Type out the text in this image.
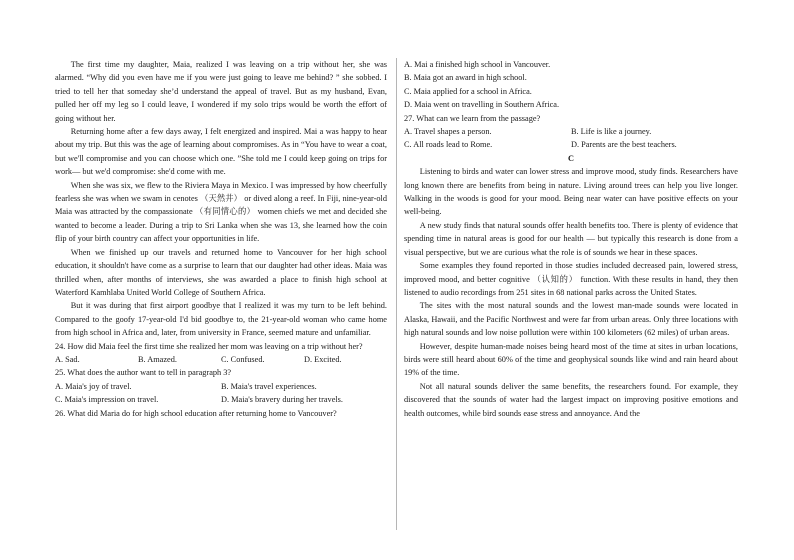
The first time my daughter, Maia, realized I was leaving on a trip without her, she was alarmed. “Why did you even have me if you were just going to leave me behind? ” she sobbed. I tried to tell her that someday she’d understand the appeal of travel. But as my husband, Evan, pulled her off my leg so I could leave, I wondered if my solo trips would be worth the effort of going without her.

Returning home after a few days away, I felt energized and inspired. Mai a was happy to hear about my trip. But this was the age of learning about compromises. As in “You have to wear a coat, but we'll compromise and you can choose which one. ”She told me I could keep going on trips for work— but we'd compromise: she'd come with me.

When she was six, we flew to the Riviera Maya in Mexico. I was impressed by how cheerfully fearless she was when we swam in cenotes （天然井） or dived along a reef. In Fiji, nine-year-old Maia was attracted by the compassionate （有同情心的） women chiefs we met and decided she wanted to become a leader. During a trip to Sri Lanka when she was 13, she learned how the coin flip of your birth country can affect your opportunities in life.

When we finished up our travels and returned home to Vancouver for her high school education, it shouldn't have come as a surprise to learn that our daughter had other ideas. Maia was thrilled when, after months of interviews, she was awarded a place to finish high school at Waterford Kamhlaba United World College of Southern Africa.

But it was during that first airport goodbye that I realized it was my turn to be left behind. Compared to the goofy 17-year-old I'd bid goodbye to, the 21-year-old woman who came home from high school in Africa and, later, from university in France, seemed mature and unfamiliar.

24. How did Maia feel the first time she realized her mom was leaving on a trip without her?

A. Sad.	B. Amazed.	C. Confused.	D. Excited.

25. What does the author want to tell in paragraph 3?

A. Maia's joy of travel.	B. Maia's travel experiences.
C. Maia's impression on travel.	D. Maia's bravery during her travels.

26. What did Maria do for high school education after returning home to Vancouver?

A. Mai a finished high school in Vancouver.

B. Maia got an award in high school.

C. Maia applied for a school in Africa.

D. Maia went on travelling in Southern Africa.

27. What can we learn from the passage?

A. Travel shapes a person.	B. Life is like a journey.
C. All roads lead to Rome.	D. Parents are the best teachers.

C

Listening to birds and water can lower stress and improve mood, study finds. Researchers have long known there are benefits from being in nature. Living around trees can help you live longer. Walking in the woods is good for your mood. Being near water can have positive effects on your well-being.

A new study finds that natural sounds offer health benefits too. There is plenty of evidence that spending time in natural areas is good for our health — but typically this research is done from a visual perspective, but we are curious what the role is of sounds we hear in these spaces.

Some examples they found reported in those studies included decreased pain, lowered stress, improved mood, and better cognitive （认知的） function. With these results in hand, they then listened to audio recordings from 251 sites in 68 national parks across the United States.

The sites with the most natural sounds and the lowest man-made sounds were located in Alaska, Hawaii, and the Pacific Northwest and were far from urban areas. Only three locations with high natural sounds and low noise pollution were within 100 kilometers (62 miles) of urban areas.

However, despite human-made noises being heard most of the time at sites in urban locations, birds were still heard about 60% of the time and geophysical sounds like wind and rain heard about 19% of the time.

Not all natural sounds deliver the same benefits, the researchers found. For example, they discovered that the sounds of water had the largest impact on improving positive emotions and health outcomes, while bird sounds ease stress and annoyance. And the
